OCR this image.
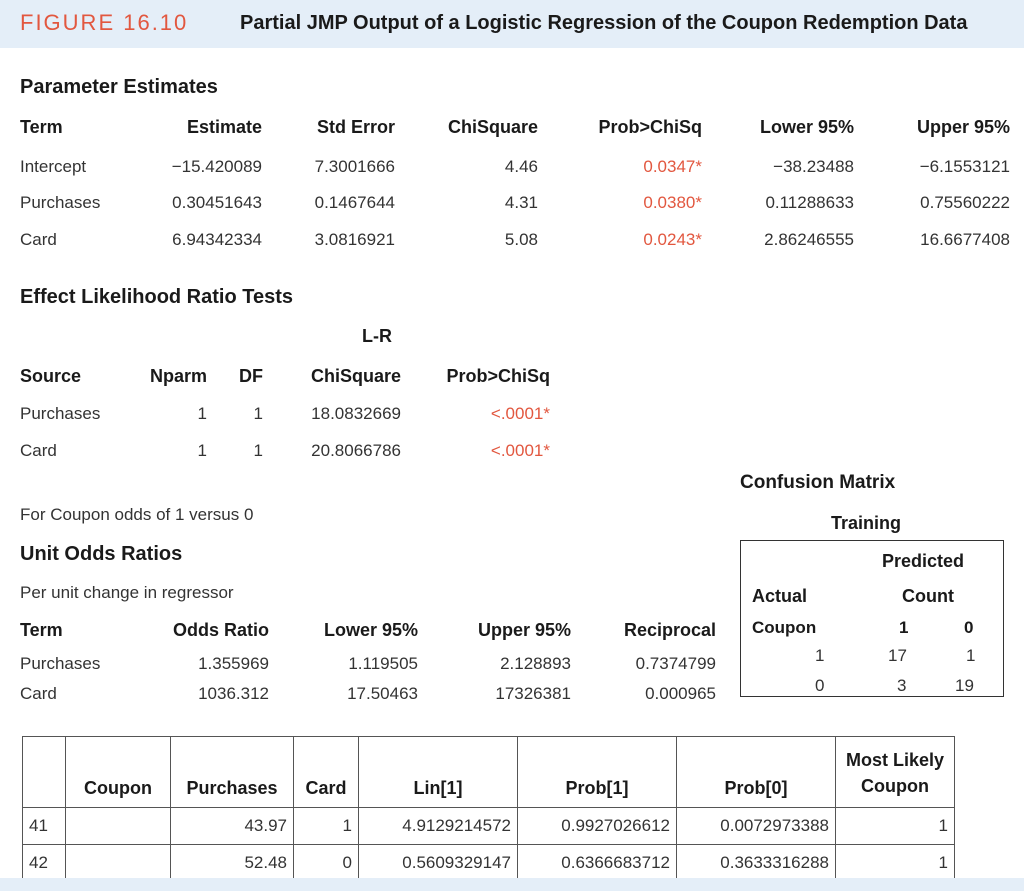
FIGURE 16.10	Partial JMP Output of a Logistic Regression of the Coupon Redemption Data
Parameter Estimates
Term	Estimate	Std Error	ChiSquare	Prob>ChiSq	Lower 95%	Upper 95%
Intercept	−15.420089	7.3001666	4.46	0.0347*	−38.23488	−6.1553121
Purchases	0.30451643	0.1467644	4.31	0.0380*	0.11288633	0.75560222
Card	6.94342334	3.0816921	5.08	0.0243*	2.86246555	16.6677408
Effect Likelihood Ratio Tests
L-R
Source	Nparm DF	ChiSquare	Prob>ChiSq
Purchases	1	1	18.0832669	<.0001*
Card	1	1	20.8066786	<.0001*
For Coupon odds of 1 versus 0
Unit Odds Ratios
Per unit change in regressor
Term	Odds Ratio	Lower 95%	Upper 95%	Reciprocal
Purchases	1.355969	1.119505	2.128893	0.7374799
Card	1036.312	17.50463	17326381	0.000965
Confusion Matrix
Training
Predicted
Actual	Count
Coupon	1	0
1	17	1
0	3	19
	Coupon	Purchases	Card	Lin[1]	Prob[1]	Prob[0]	Most Likely Coupon
41		43.97	1	4.9129214572	0.9927026612	0.0072973388	1
42		52.48	0	0.5609329147	0.6366683712	0.3633316288	1
